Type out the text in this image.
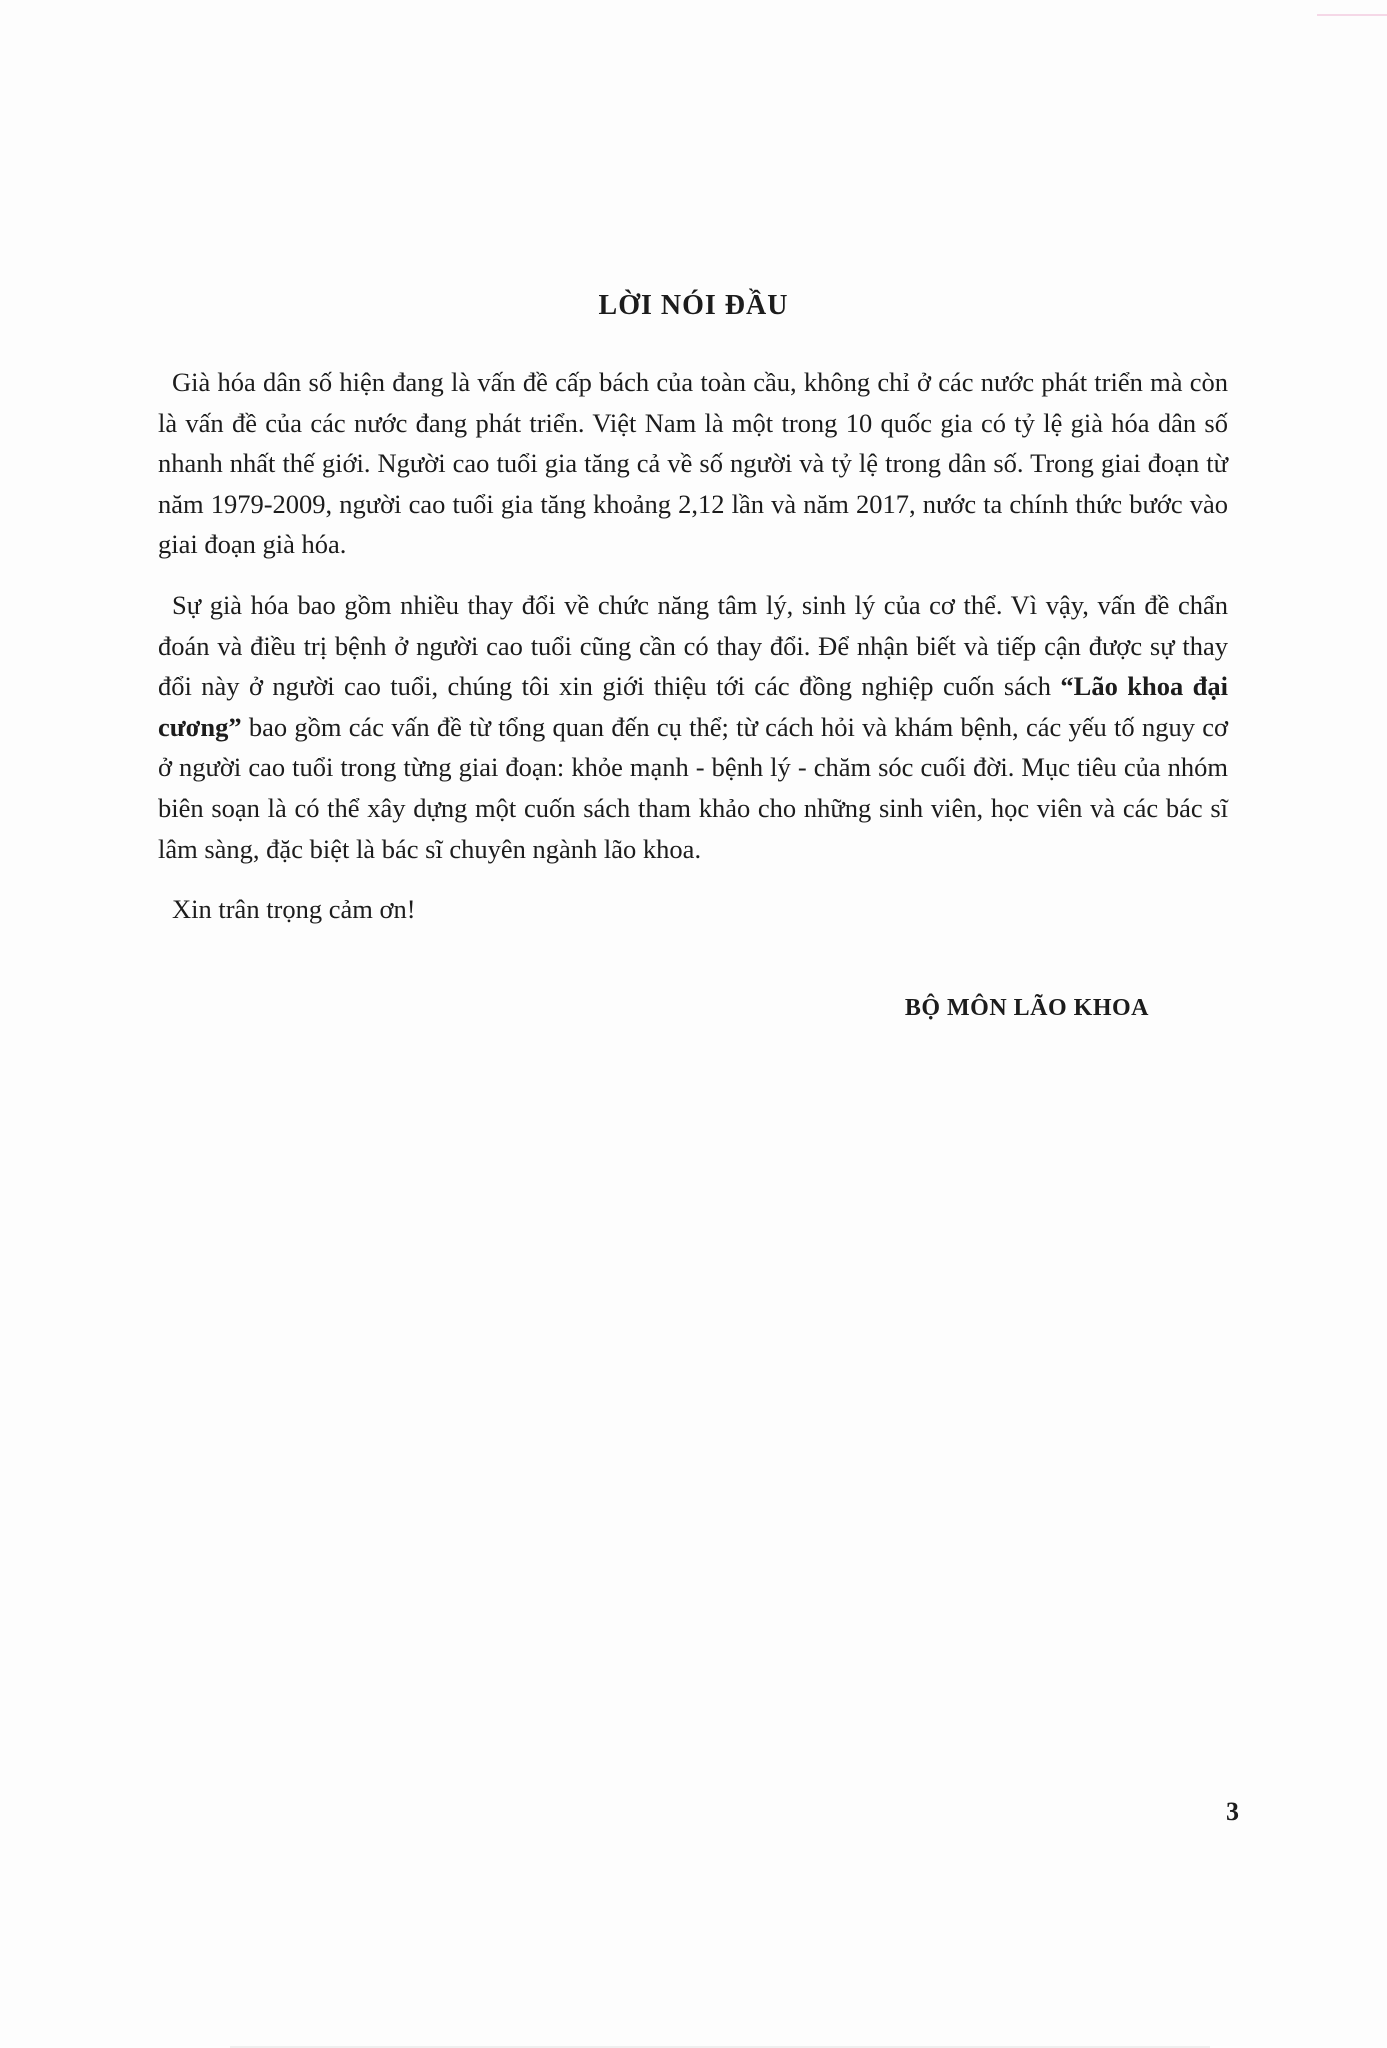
LỜI NÓI ĐẦU

Già hóa dân số hiện đang là vấn đề cấp bách của toàn cầu, không chỉ ở các nước phát triển mà còn là vấn đề của các nước đang phát triển. Việt Nam là một trong 10 quốc gia có tỷ lệ già hóa dân số nhanh nhất thế giới. Người cao tuổi gia tăng cả về số người và tỷ lệ trong dân số. Trong giai đoạn từ năm 1979-2009, người cao tuổi gia tăng khoảng 2,12 lần và năm 2017, nước ta chính thức bước vào giai đoạn già hóa.

Sự già hóa bao gồm nhiều thay đổi về chức năng tâm lý, sinh lý của cơ thể. Vì vậy, vấn đề chẩn đoán và điều trị bệnh ở người cao tuổi cũng cần có thay đổi. Để nhận biết và tiếp cận được sự thay đổi này ở người cao tuổi, chúng tôi xin giới thiệu tới các đồng nghiệp cuốn sách “Lão khoa đại cương” bao gồm các vấn đề từ tổng quan đến cụ thể; từ cách hỏi và khám bệnh, các yếu tố nguy cơ ở người cao tuổi trong từng giai đoạn: khỏe mạnh - bệnh lý - chăm sóc cuối đời. Mục tiêu của nhóm biên soạn là có thể xây dựng một cuốn sách tham khảo cho những sinh viên, học viên và các bác sĩ lâm sàng, đặc biệt là bác sĩ chuyên ngành lão khoa.

Xin trân trọng cảm ơn!

BỘ MÔN LÃO KHOA
3
